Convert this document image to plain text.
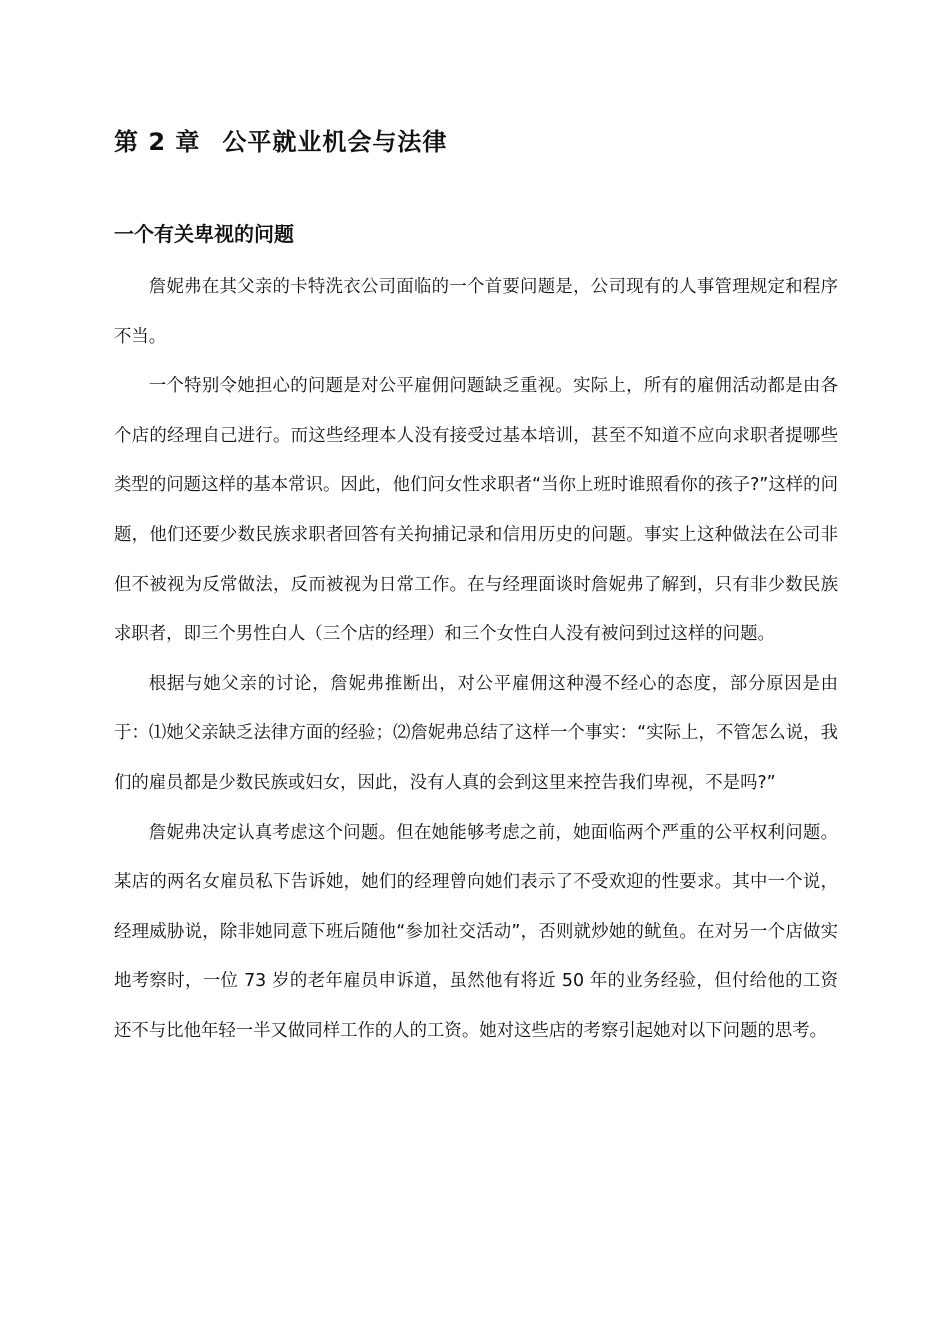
第 2 章 公平就业机会与法律
一个有关卑视的问题

詹妮弗在其父亲的卡特洗衣公司面临的一个首要问题是，公司现有的人事管理规定和程序不当。

一个特别令她担心的问题是对公平雇佣问题缺乏重视。实际上，所有的雇佣活动都是由各个店的经理自己进行。而这些经理本人没有接受过基本培训，甚至不知道不应向求职者提哪些类型的问题这样的基本常识。因此，他们问女性求职者“当你上班时谁照看你的孩子?”这样的问题，他们还要少数民族求职者回答有关拘捕记录和信用历史的问题。事实上这种做法在公司非但不被视为反常做法，反而被视为日常工作。在与经理面谈时詹妮弗了解到，只有非少数民族求职者，即三个男性白人（三个店的经理）和三个女性白人没有被问到过这样的问题。

根据与她父亲的讨论，詹妮弗推断出，对公平雇佣这种漫不经心的态度，部分原因是由于：⑴她父亲缺乏法律方面的经验；⑵詹妮弗总结了这样一个事实：“实际上，不管怎么说，我们的雇员都是少数民族或妇女，因此，没有人真的会到这里来控告我们卑视，不是吗?”

詹妮弗决定认真考虑这个问题。但在她能够考虑之前，她面临两个严重的公平权利问题。某店的两名女雇员私下告诉她，她们的经理曾向她们表示了不受欢迎的性要求。其中一个说，经理威胁说，除非她同意下班后随他“参加社交活动”，否则就炒她的鱿鱼。在对另一个店做实地考察时，一位 73 岁的老年雇员申诉道，虽然他有将近 50 年的业务经验，但付给他的工资还不与比他年轻一半又做同样工作的人的工资。她对这些店的考察引起她对以下问题的思考。
